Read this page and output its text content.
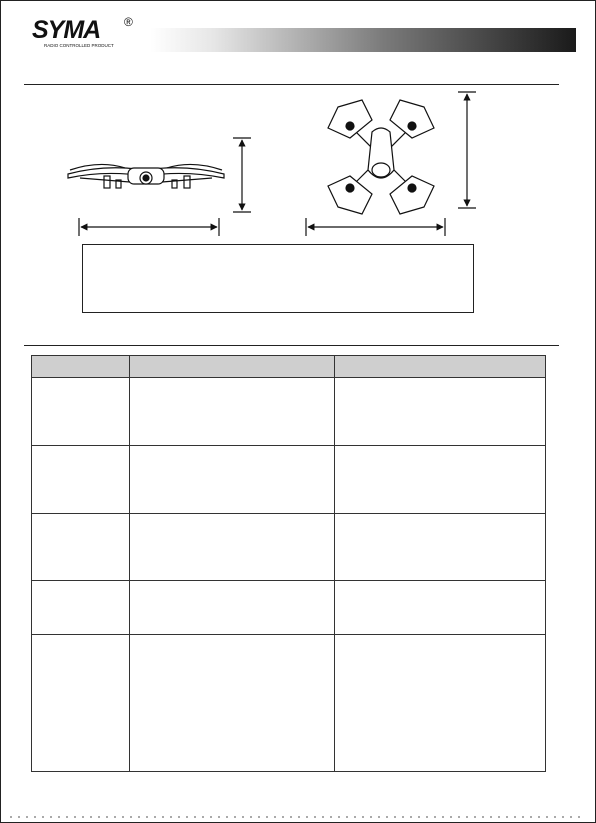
SYMA ®
RADIO CONTROLLED PRODUCT
